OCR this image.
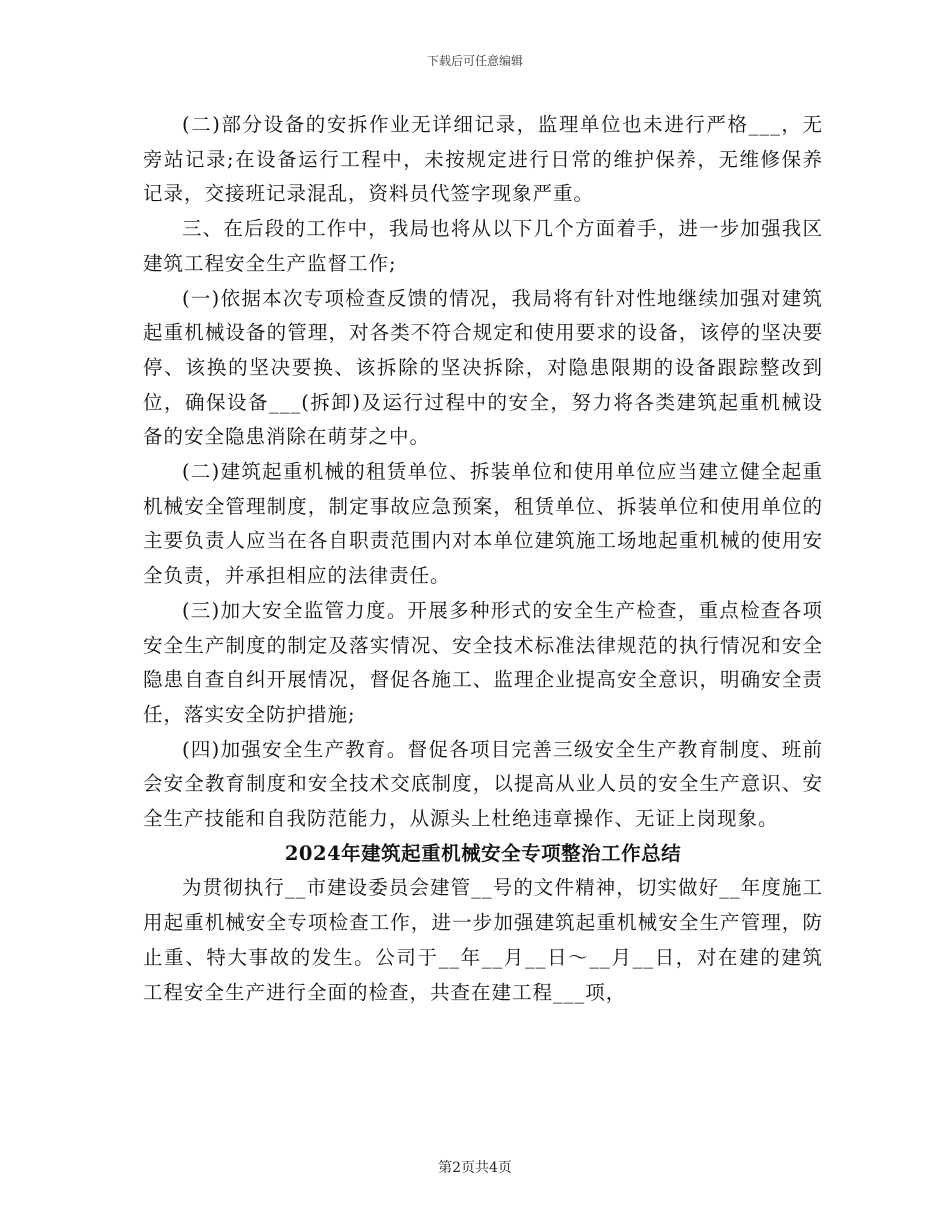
下载后可任意编辑

(二)部分设备的安拆作业无详细记录，监理单位也未进行严格___，无旁站记录;在设备运行工程中，未按规定进行日常的维护保养，无维修保养记录，交接班记录混乱，资料员代签字现象严重。

三、在后段的工作中，我局也将从以下几个方面着手，进一步加强我区建筑工程安全生产监督工作;

(一)依据本次专项检查反馈的情况，我局将有针对性地继续加强对建筑起重机械设备的管理，对各类不符合规定和使用要求的设备，该停的坚决要停、该换的坚决要换、该拆除的坚决拆除，对隐患限期的设备跟踪整改到位，确保设备___(拆卸)及运行过程中的安全，努力将各类建筑起重机械设备的安全隐患消除在萌芽之中。

(二)建筑起重机械的租赁单位、拆装单位和使用单位应当建立健全起重机械安全管理制度，制定事故应急预案，租赁单位、拆装单位和使用单位的主要负责人应当在各自职责范围内对本单位建筑施工场地起重机械的使用安全负责，并承担相应的法律责任。

(三)加大安全监管力度。开展多种形式的安全生产检查，重点检查各项安全生产制度的制定及落实情况、安全技术标准法律规范的执行情况和安全隐患自查自纠开展情况，督促各施工、监理企业提高安全意识，明确安全责任，落实安全防护措施;

(四)加强安全生产教育。督促各项目完善三级安全生产教育制度、班前会安全教育制度和安全技术交底制度，以提高从业人员的安全生产意识、安全生产技能和自我防范能力，从源头上杜绝违章操作、无证上岗现象。

2024年建筑起重机械安全专项整治工作总结

为贯彻执行__市建设委员会建管__号的文件精神，切实做好__年度施工用起重机械安全专项检查工作，进一步加强建筑起重机械安全生产管理，防止重、特大事故的发生。公司于__年__月__日～__月__日，对在建的建筑工程安全生产进行全面的检查，共查在建工程___项，

第2页共4页
